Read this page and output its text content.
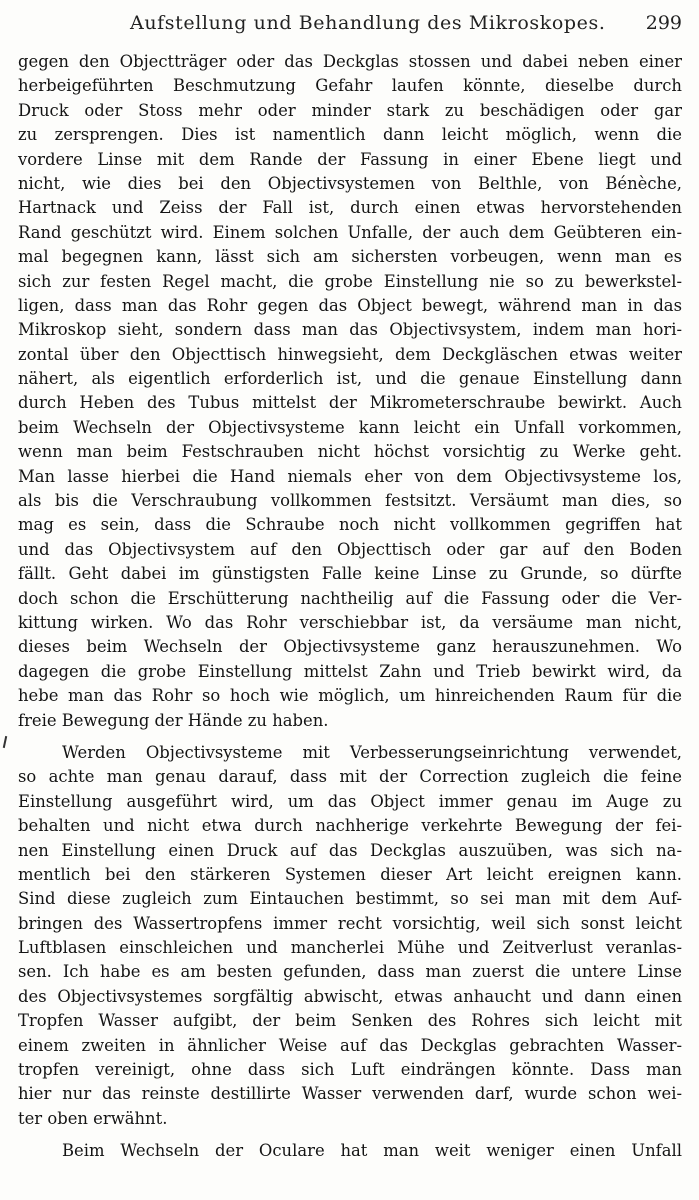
Aufstellung und Behandlung des Mikroskopes. 299
gegen den Objectträger oder das Deckglas stossen und dabei neben einer
herbeigeführten Beschmutzung Gefahr laufen könnte, dieselbe durch
Druck oder Stoss mehr oder minder stark zu beschädigen oder gar
zu zersprengen. Dies ist namentlich dann leicht möglich, wenn die
vordere Linse mit dem Rande der Fassung in einer Ebene liegt und
nicht, wie dies bei den Objectivsystemen von Belthle, von Bénèche,
Hartnack und Zeiss der Fall ist, durch einen etwas hervorstehenden
Rand geschützt wird. Einem solchen Unfalle, der auch dem Geübteren ein-
mal begegnen kann, lässt sich am sichersten vorbeugen, wenn man es
sich zur festen Regel macht, die grobe Einstellung nie so zu bewerkstel-
ligen, dass man das Rohr gegen das Object bewegt, während man in das
Mikroskop sieht, sondern dass man das Objectivsystem, indem man hori-
zontal über den Objecttisch hinwegsieht, dem Deckgläschen etwas weiter
nähert, als eigentlich erforderlich ist, und die genaue Einstellung dann
durch Heben des Tubus mittelst der Mikrometerschraube bewirkt. Auch
beim Wechseln der Objectivsysteme kann leicht ein Unfall vorkommen,
wenn man beim Festschrauben nicht höchst vorsichtig zu Werke geht.
Man lasse hierbei die Hand niemals eher von dem Objectivsysteme los,
als bis die Verschraubung vollkommen festsitzt. Versäumt man dies, so
mag es sein, dass die Schraube noch nicht vollkommen gegriffen hat
und das Objectivsystem auf den Objecttisch oder gar auf den Boden
fällt. Geht dabei im günstigsten Falle keine Linse zu Grunde, so dürfte
doch schon die Erschütterung nachtheilig auf die Fassung oder die Ver-
kittung wirken. Wo das Rohr verschiebbar ist, da versäume man nicht,
dieses beim Wechseln der Objectivsysteme ganz herauszunehmen. Wo
dagegen die grobe Einstellung mittelst Zahn und Trieb bewirkt wird, da
hebe man das Rohr so hoch wie möglich, um hinreichenden Raum für die
freie Bewegung der Hände zu haben.
Werden Objectivsysteme mit Verbesserungseinrichtung verwendet,
so achte man genau darauf, dass mit der Correction zugleich die feine
Einstellung ausgeführt wird, um das Object immer genau im Auge zu
behalten und nicht etwa durch nachherige verkehrte Bewegung der fei-
nen Einstellung einen Druck auf das Deckglas auszuüben, was sich na-
mentlich bei den stärkeren Systemen dieser Art leicht ereignen kann.
Sind diese zugleich zum Eintauchen bestimmt, so sei man mit dem Auf-
bringen des Wassertropfens immer recht vorsichtig, weil sich sonst leicht
Luftblasen einschleichen und mancherlei Mühe und Zeitverlust veranlas-
sen. Ich habe es am besten gefunden, dass man zuerst die untere Linse
des Objectivsystemes sorgfältig abwischt, etwas anhaucht und dann einen
Tropfen Wasser aufgibt, der beim Senken des Rohres sich leicht mit
einem zweiten in ähnlicher Weise auf das Deckglas gebrachten Wasser-
tropfen vereinigt, ohne dass sich Luft eindrängen könnte. Dass man
hier nur das reinste destillirte Wasser verwenden darf, wurde schon wei-
ter oben erwähnt.
Beim Wechseln der Oculare hat man weit weniger einen Unfall
